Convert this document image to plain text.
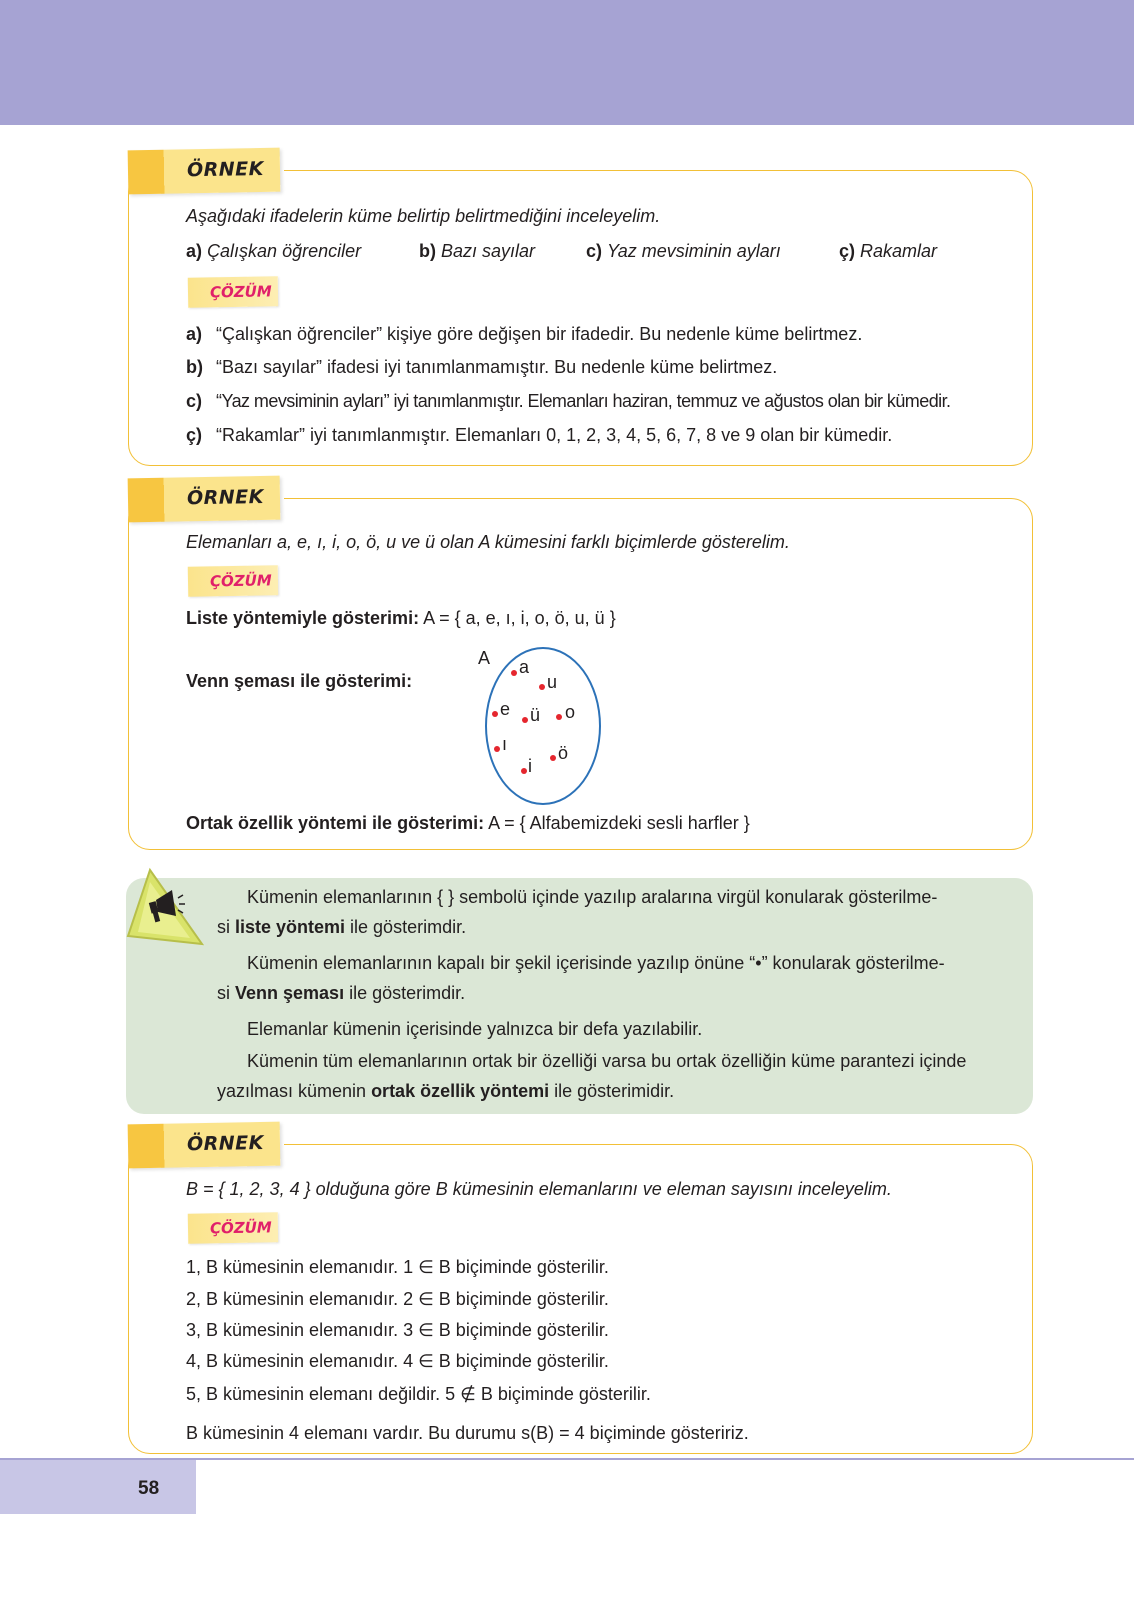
ÖRNEK
Aşağıdaki ifadelerin küme belirtip belirtmediğini inceleyelim.
a) Çalışkan öğrenciler	b) Bazı sayılar	c) Yaz mevsiminin ayları	ç) Rakamlar
ÇÖZÜM
a) “Çalışkan öğrenciler” kişiye göre değişen bir ifadedir. Bu nedenle küme belirtmez.
b) “Bazı sayılar” ifadesi iyi tanımlanmamıştır. Bu nedenle küme belirtmez.
c) “Yaz mevsiminin ayları” iyi tanımlanmıştır. Elemanları haziran, temmuz ve ağustos olan bir kümedir.
ç) “Rakamlar” iyi tanımlanmıştır. Elemanları 0, 1, 2, 3, 4, 5, 6, 7, 8 ve 9 olan bir kümedir.
ÖRNEK
Elemanları a, e, ı, i, o, ö, u ve ü olan A kümesini farklı biçimlerde gösterelim.
ÇÖZÜM
Liste yöntemiyle gösterimi: A = { a, e, ı, i, o, ö, u, ü }
Venn şeması ile gösterimi:
A a
u
e ü o
ı	ö
i
Ortak özellik yöntemi ile gösterimi: A = { Alfabemizdeki sesli harfler }
Kümenin elemanlarının { } sembolü içinde yazılıp aralarına virgül konularak gösterilme-
si liste yöntemi ile gösterimdir.
Kümenin elemanlarının kapalı bir şekil içerisinde yazılıp önüne “•” konularak gösterilme-
si Venn şeması ile gösterimdir.
Elemanlar kümenin içerisinde yalnızca bir defa yazılabilir.
Kümenin tüm elemanlarının ortak bir özelliği varsa bu ortak özelliğin küme parantezi içinde
yazılması kümenin ortak özellik yöntemi ile gösterimidir.
ÖRNEK
B = { 1, 2, 3, 4 } olduğuna göre B kümesinin elemanlarını ve eleman sayısını inceleyelim.
ÇÖZÜM
1, B kümesinin elemanıdır. 1 ∈ B biçiminde gösterilir.
2, B kümesinin elemanıdır. 2 ∈ B biçiminde gösterilir.
3, B kümesinin elemanıdır. 3 ∈ B biçiminde gösterilir.
4, B kümesinin elemanıdır. 4 ∈ B biçiminde gösterilir.
5, B kümesinin elemanı değildir. 5 ∉ B biçiminde gösterilir.
B kümesinin 4 elemanı vardır. Bu durumu s(B) = 4 biçiminde gösteririz.
58
